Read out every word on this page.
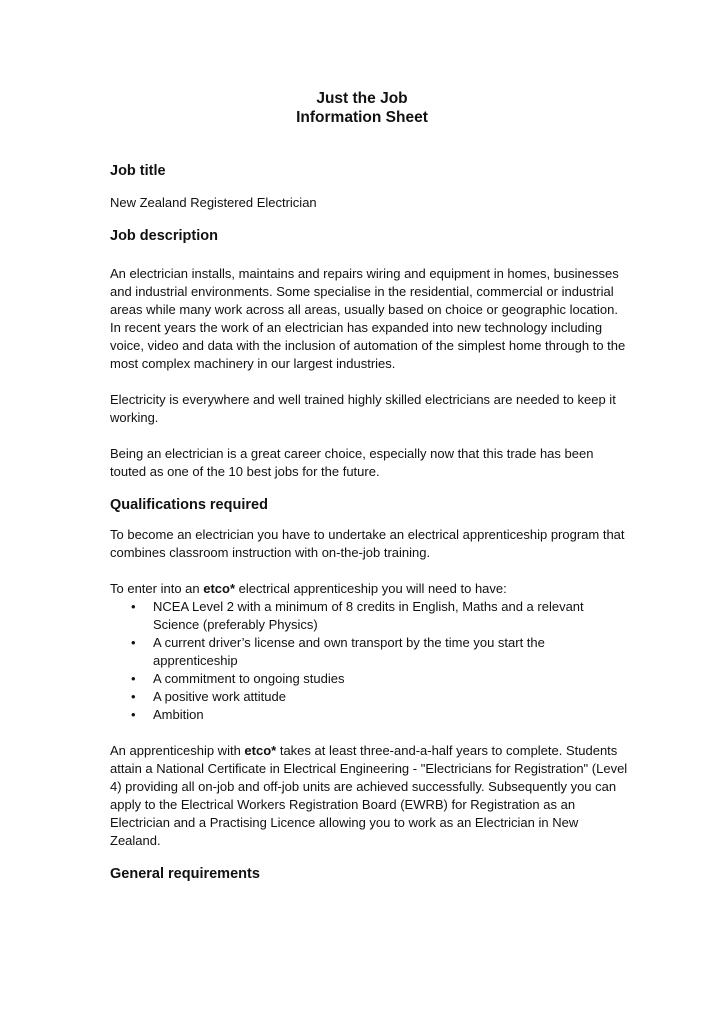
Just the Job
Information Sheet
Job title

New Zealand Registered Electrician

Job description

An electrician installs, maintains and repairs wiring and equipment in homes, businesses and industrial environments. Some specialise in the residential, commercial or industrial areas while many work across all areas, usually based on choice or geographic location. In recent years the work of an electrician has expanded into new technology including voice, video and data with the inclusion of automation of the simplest home through to the most complex machinery in our largest industries.

Electricity is everywhere and well trained highly skilled electricians are needed to keep it working.

Being an electrician is a great career choice, especially now that this trade has been touted as one of the 10 best jobs for the future.

Qualifications required

To become an electrician you have to undertake an electrical apprenticeship program that combines classroom instruction with on-the-job training.

To enter into an etco* electrical apprenticeship you will need to have:

• NCEA Level 2 with a minimum of 8 credits in English, Maths and a relevant Science (preferably Physics)
• A current driver’s license and own transport by the time you start the apprenticeship
• A commitment to ongoing studies
• A positive work attitude
• Ambition

An apprenticeship with etco* takes at least three-and-a-half years to complete. Students attain a National Certificate in Electrical Engineering - "Electricians for Registration" (Level 4) providing all on-job and off-job units are achieved successfully. Subsequently you can apply to the Electrical Workers Registration Board (EWRB) for Registration as an Electrician and a Practising Licence allowing you to work as an Electrician in New Zealand.

General requirements
